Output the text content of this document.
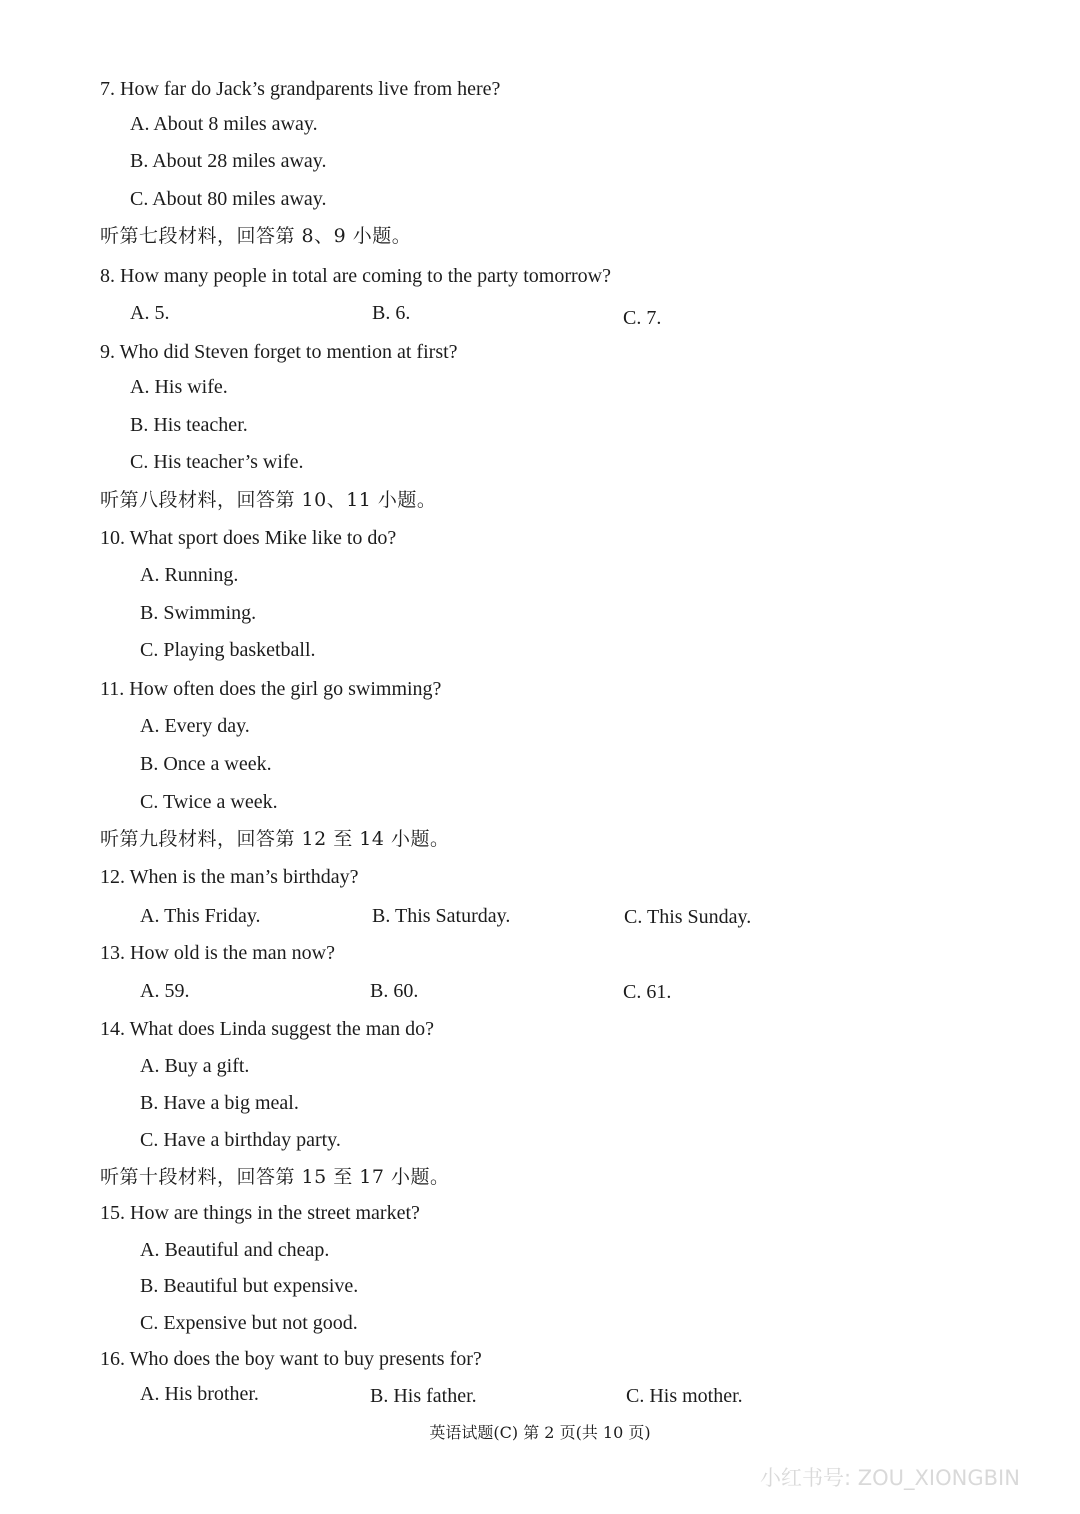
7. How far do Jack’s grandparents live from here?
A. About 8 miles away.
B. About 28 miles away.
C. About 80 miles away.
听第七段材料，回答第 8、9 小题。
8. How many people in total are coming to the party tomorrow?
A. 5.	B. 6.	C. 7.
9. Who did Steven forget to mention at first?
A. His wife.
B. His teacher.
C. His teacher’s wife.
听第八段材料，回答第 10、11 小题。
10. What sport does Mike like to do?
A. Running.
B. Swimming.
C. Playing basketball.
11. How often does the girl go swimming?
A. Every day.
B. Once a week.
C. Twice a week.
听第九段材料，回答第 12 至 14 小题。
12. When is the man’s birthday?
A. This Friday.	B. This Saturday.	C. This Sunday.
13. How old is the man now?
A. 59.	B. 60.	C. 61.
14. What does Linda suggest the man do?
A. Buy a gift.
B. Have a big meal.
C. Have a birthday party.
听第十段材料，回答第 15 至 17 小题。
15. How are things in the street market?
A. Beautiful and cheap.
B. Beautiful but expensive.
C. Expensive but not good.
16. Who does the boy want to buy presents for?
A. His brother.	B. His father.	C. His mother.
英语试题(C) 第 2 页(共 10 页)
小红书号: ZOU_XIONGBIN
